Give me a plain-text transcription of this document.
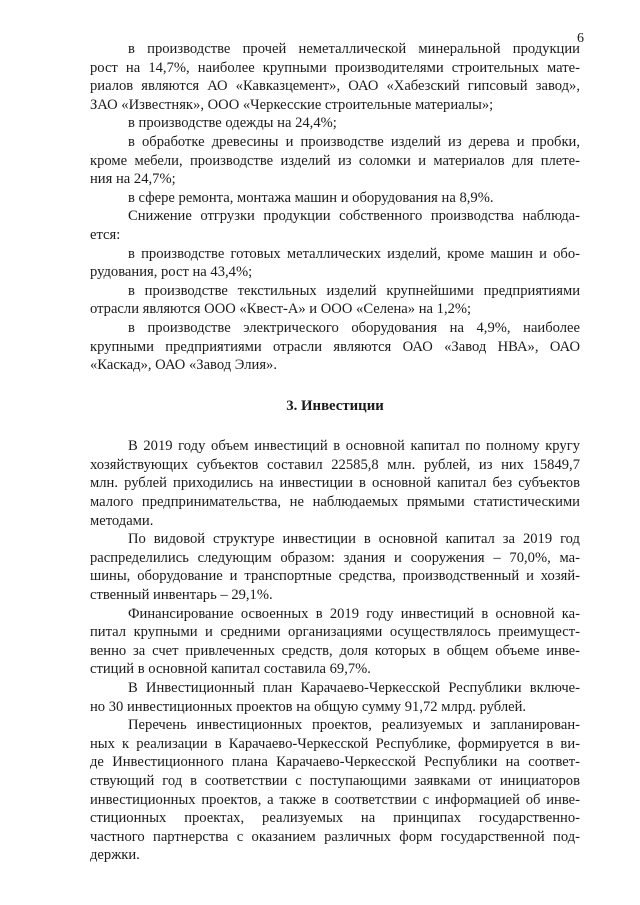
6
в производстве прочей неметаллической минеральной продукции
рост на 14,7%, наиболее крупными производителями строительных мате-
риалов являются АО «Кавказцемент», ОАО «Хабезский гипсовый завод»,
ЗАО «Известняк», ООО «Черкесские строительные материалы»;
в производстве одежды на 24,4%;
в обработке древесины и производстве изделий из дерева и пробки,
кроме мебели, производстве изделий из соломки и материалов для плете-
ния на 24,7%;
в сфере ремонта, монтажа машин и оборудования на 8,9%.
Снижение отгрузки продукции собственного производства наблюда-
ется:
в производстве готовых металлических изделий, кроме машин и обо-
рудования, рост на 43,4%;
в производстве текстильных изделий крупнейшими предприятиями
отрасли являются ООО «Квест-А» и ООО «Селена» на 1,2%;
в производстве электрического оборудования на 4,9%, наиболее
крупными предприятиями отрасли являются ОАО «Завод НВА», ОАО
«Каскад», ОАО «Завод Элия».
3. Инвестиции
В 2019 году объем инвестиций в основной капитал по полному кругу
хозяйствующих субъектов составил 22585,8 млн. рублей, из них 15849,7
млн. рублей приходились на инвестиции в основной капитал без субъектов
малого предпринимательства, не наблюдаемых прямыми статистическими
методами.
По видовой структуре инвестиции в основной капитал за 2019 год
распределились следующим образом: здания и сооружения – 70,0%, ма-
шины, оборудование и транспортные средства, производственный и хозяй-
ственный инвентарь – 29,1%.
Финансирование освоенных в 2019 году инвестиций в основной ка-
питал крупными и средними организациями осуществлялось преимущест-
венно за счет привлеченных средств, доля которых в общем объеме инве-
стиций в основной капитал составила 69,7%.
В Инвестиционный план Карачаево-Черкесской Республики включе-
но 30 инвестиционных проектов на общую сумму 91,72 млрд. рублей.
Перечень инвестиционных проектов, реализуемых и запланирован-
ных к реализации в Карачаево-Черкесской Республике, формируется в ви-
де Инвестиционного плана Карачаево-Черкесской Республики на соответ-
ствующий год в соответствии с поступающими заявками от инициаторов
инвестиционных проектов, а также в соответствии с информацией об инве-
стиционных проектах, реализуемых на принципах государственно-
частного партнерства с оказанием различных форм государственной под-
держки.
